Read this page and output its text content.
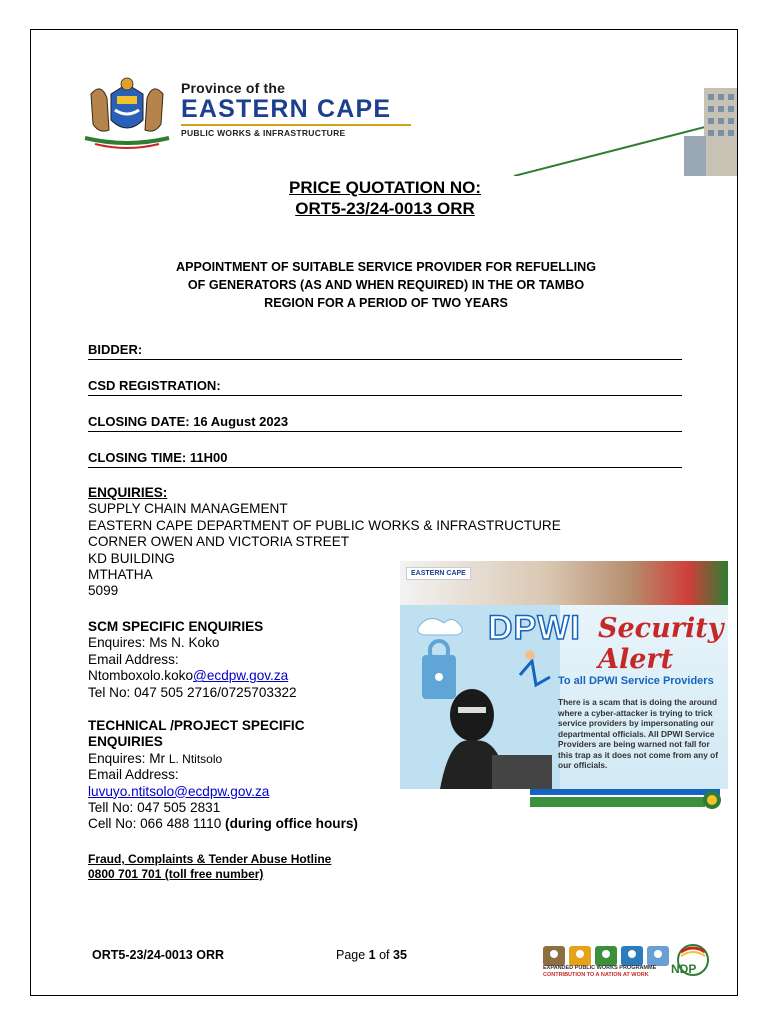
Province of the
EASTERN CAPE
PUBLIC WORKS & INFRASTRUCTURE
PRICE QUOTATION NO:
ORT5-23/24-0013 ORR
APPOINTMENT OF SUITABLE SERVICE PROVIDER FOR REFUELLING
OF GENERATORS (AS AND WHEN REQUIRED) IN THE OR TAMBO
REGION FOR A PERIOD OF TWO YEARS
BIDDER:
CSD REGISTRATION:
CLOSING DATE: 16 August 2023
CLOSING TIME: 11H00
ENQUIRIES:
SUPPLY CHAIN MANAGEMENT
EASTERN CAPE DEPARTMENT OF PUBLIC WORKS & INFRASTRUCTURE
CORNER OWEN AND VICTORIA STREET
KD BUILDING
MTHATHA
5099
SCM SPECIFIC ENQUIRIES
Enquires: Ms N. Koko
Email Address:
Ntomboxolo.koko@ecdpw.gov.za
Tel No: 047 505 2716/0725703322
TECHNICAL /PROJECT SPECIFIC
ENQUIRIES
Enquires: Mr L. Ntitsolo
Email Address:
luvuyo.ntitsolo@ecdpw.gov.za
Tell No: 047 505 2831
Cell No: 066 488 1110 (during office hours)
Fraud, Complaints & Tender Abuse Hotline
0800 701 701 (toll free number)
EASTERN CAPE
DPWI Security Alert
To all DPWI Service Providers
There is a scam that is doing the around where a cyber-attacker is trying to trick service providers by impersonating our departmental officials. All DPWI Service Providers are being warned not fall for this trap as it does not come from any of our officials.
ORT5-23/24-0013 ORR	Page 1 of 35
EXPANDED PUBLIC WORKS PROGRAMME
CONTRIBUTION TO A NATION AT WORK	NDP
